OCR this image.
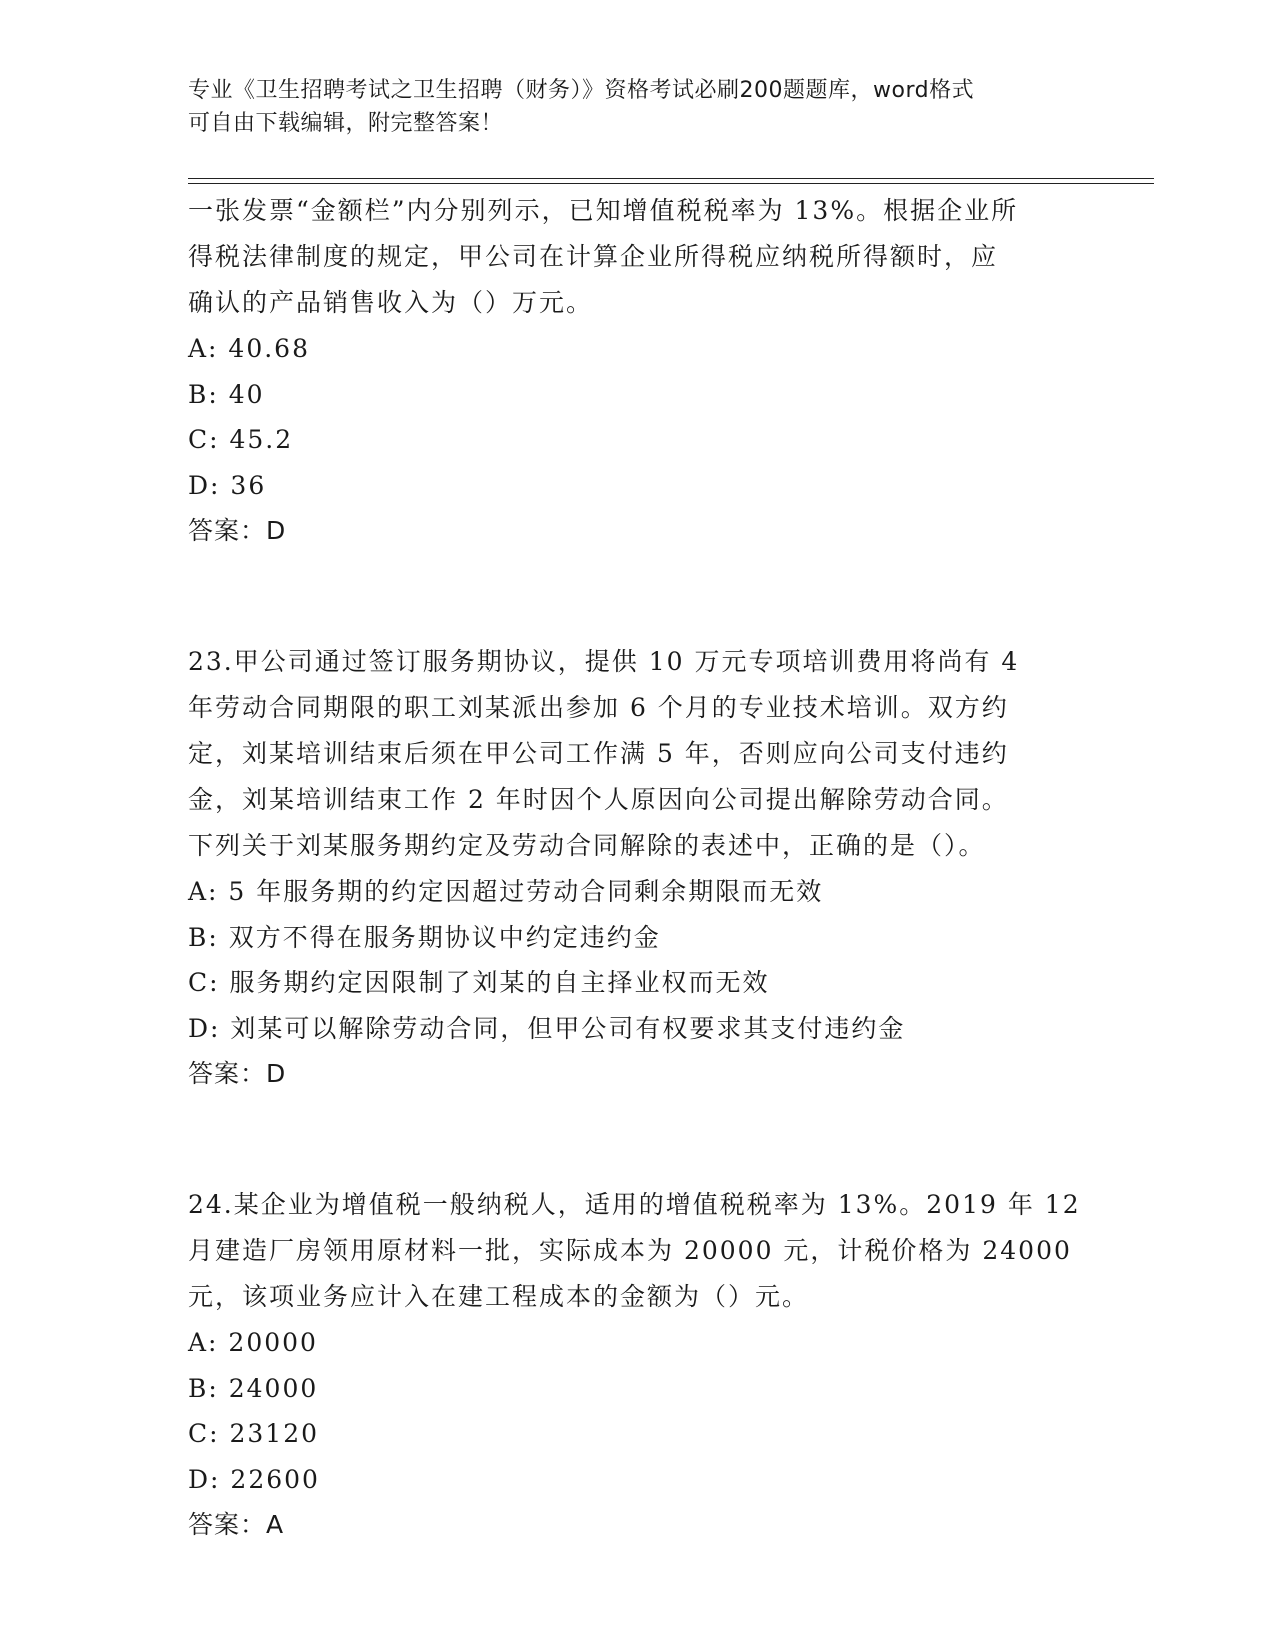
专业《卫生招聘考试之卫生招聘（财务）》资格考试必刷200题题库，word格式
可自由下载编辑，附完整答案！
一张发票“金额栏”内分别列示，已知增值税税率为 13%。根据企业所
得税法律制度的规定，甲公司在计算企业所得税应纳税所得额时，应
确认的产品销售收入为（）万元。
A: 40.68
B: 40
C: 45.2
D: 36
答案：D
23.甲公司通过签订服务期协议，提供 10 万元专项培训费用将尚有 4
年劳动合同期限的职工刘某派出参加 6 个月的专业技术培训。双方约
定，刘某培训结束后须在甲公司工作满 5 年，否则应向公司支付违约
金，刘某培训结束工作 2 年时因个人原因向公司提出解除劳动合同。
下列关于刘某服务期约定及劳动合同解除的表述中，正确的是（）。
A: 5 年服务期的约定因超过劳动合同剩余期限而无效
B: 双方不得在服务期协议中约定违约金
C: 服务期约定因限制了刘某的自主择业权而无效
D: 刘某可以解除劳动合同，但甲公司有权要求其支付违约金
答案：D
24.某企业为增值税一般纳税人，适用的增值税税率为 13%。2019 年 12
月建造厂房领用原材料一批，实际成本为 20000 元，计税价格为 24000
元，该项业务应计入在建工程成本的金额为（）元。
A: 20000
B: 24000
C: 23120
D: 22600
答案：A
